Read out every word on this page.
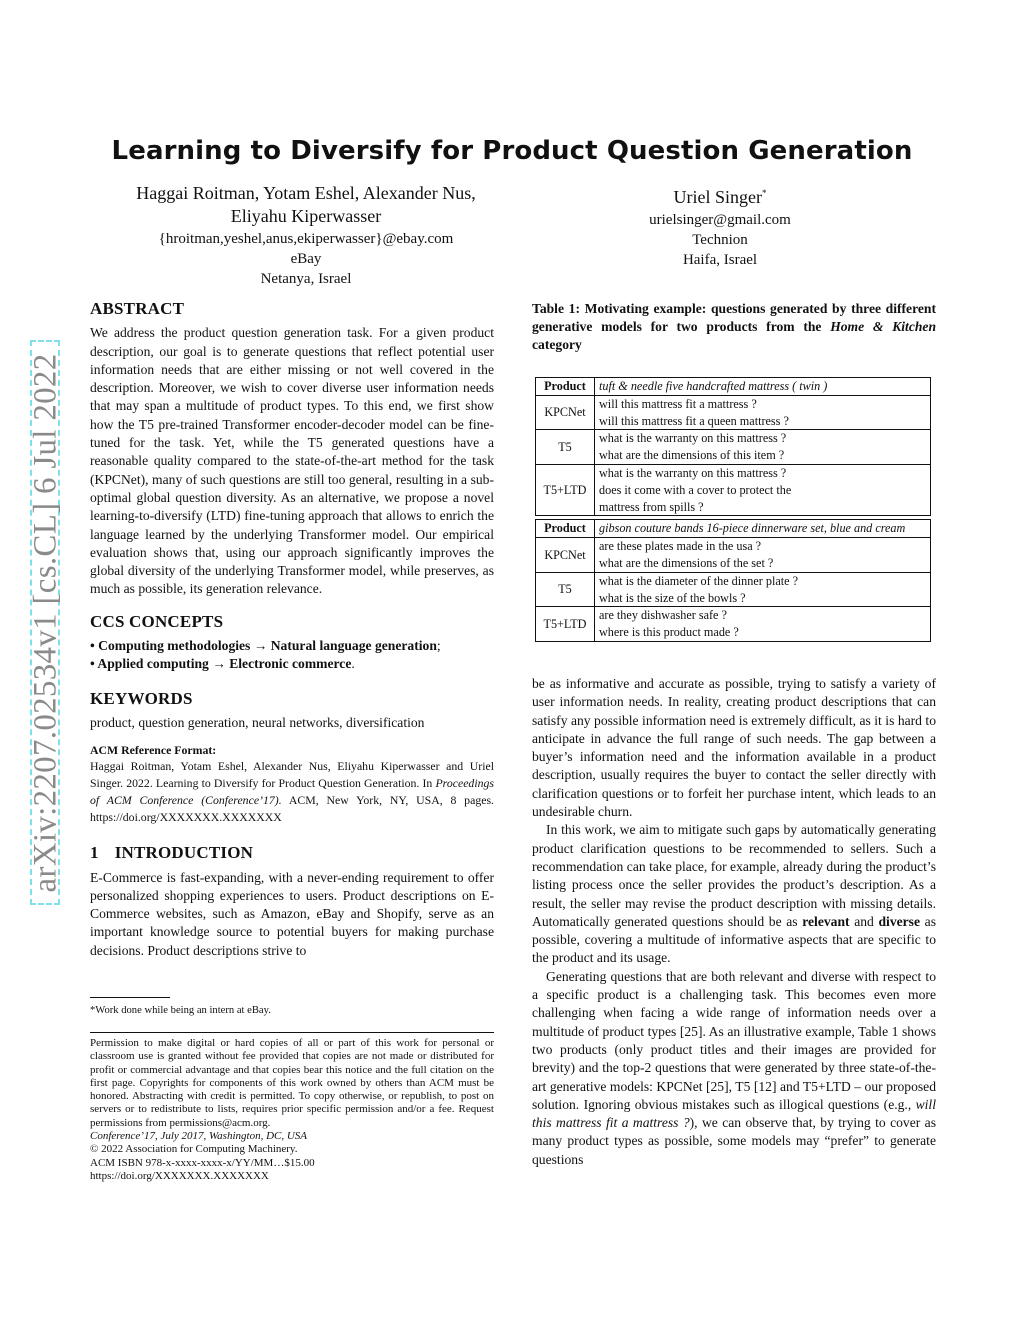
Learning to Diversify for Product Question Generation
Haggai Roitman, Yotam Eshel, Alexander Nus,
Eliyahu Kiperwasser
{hroitman,yeshel,anus,ekiperwasser}@ebay.com
eBay
Netanya, Israel
Uriel Singer*
urielsinger@gmail.com
Technion
Haifa, Israel
arXiv:2207.02534v1 [cs.CL] 6 Jul 2022
ABSTRACT
We address the product question generation task. For a given product description, our goal is to generate questions that reflect potential user information needs that are either missing or not well covered in the description. Moreover, we wish to cover diverse user information needs that may span a multitude of product types. To this end, we first show how the T5 pre-trained Transformer encoder-decoder model can be fine-tuned for the task. Yet, while the T5 generated questions have a reasonable quality compared to the state-of-the-art method for the task (KPCNet), many of such questions are still too general, resulting in a sub-optimal global question diversity. As an alternative, we propose a novel learning-to-diversify (LTD) fine-tuning approach that allows to enrich the language learned by the underlying Transformer model. Our empirical evaluation shows that, using our approach significantly improves the global diversity of the underlying Transformer model, while preserves, as much as possible, its generation relevance.
CCS CONCEPTS
• Computing methodologies → Natural language generation;
• Applied computing → Electronic commerce.
KEYWORDS
product, question generation, neural networks, diversification
ACM Reference Format:
Haggai Roitman, Yotam Eshel, Alexander Nus, Eliyahu Kiperwasser and Uriel Singer. 2022. Learning to Diversify for Product Question Generation. In Proceedings of ACM Conference (Conference’17). ACM, New York, NY, USA, 8 pages. https://doi.org/XXXXXXX.XXXXXXX
1 INTRODUCTION
E-Commerce is fast-expanding, with a never-ending requirement to offer personalized shopping experiences to users. Product descriptions on E-Commerce websites, such as Amazon, eBay and Shopify, serve as an important knowledge source to potential buyers for making purchase decisions. Product descriptions strive to
*Work done while being an intern at eBay.
Permission to make digital or hard copies of all or part of this work for personal or classroom use is granted without fee provided that copies are not made or distributed for profit or commercial advantage and that copies bear this notice and the full citation on the first page. Copyrights for components of this work owned by others than ACM must be honored. Abstracting with credit is permitted. To copy otherwise, or republish, to post on servers or to redistribute to lists, requires prior specific permission and/or a fee. Request permissions from permissions@acm.org.
Conference’17, July 2017, Washington, DC, USA
© 2022 Association for Computing Machinery.
ACM ISBN 978-x-xxxx-xxxx-x/YY/MM…$15.00
https://doi.org/XXXXXXX.XXXXXXX
Table 1: Motivating example: questions generated by three different generative models for two products from the Home & Kitchen category
Product	tuft & needle five handcrafted mattress ( twin )
KPCNet	will this mattress fit a mattress ?
will this mattress fit a queen mattress ?

T5	what is the warranty on this mattress ?
what are the dimensions of this item ?

T5+LTD	what is the warranty on this mattress ?
does it come with a cover to protect the
mattress from spills ?

Product	gibson couture bands 16-piece dinnerware set, blue and cream
KPCNet	are these plates made in the usa ?
what are the dimensions of the set ?

T5	what is the diameter of the dinner plate ?
what is the size of the bowls ?

T5+LTD	are they dishwasher safe ?
where is this product made ?

be as informative and accurate as possible, trying to satisfy a variety of user information needs. In reality, creating product descriptions that can satisfy any possible information need is extremely difficult, as it is hard to anticipate in advance the full range of such needs. The gap between a buyer’s information need and the information available in a product description, usually requires the buyer to contact the seller directly with clarification questions or to forfeit her purchase intent, which leads to an undesirable churn.

In this work, we aim to mitigate such gaps by automatically generating product clarification questions to be recommended to sellers. Such a recommendation can take place, for example, already during the product’s listing process once the seller provides the product’s description. As a result, the seller may revise the product description with missing details. Automatically generated questions should be as relevant and diverse as possible, covering a multitude of informative aspects that are specific to the product and its usage.

Generating questions that are both relevant and diverse with respect to a specific product is a challenging task. This becomes even more challenging when facing a wide range of information needs over a multitude of product types [25]. As an illustrative example, Table 1 shows two products (only product titles and their images are provided for brevity) and the top-2 questions that were generated by three state-of-the-art generative models: KPCNet [25], T5 [12] and T5+LTD – our proposed solution. Ignoring obvious mistakes such as illogical questions (e.g., will this mattress fit a mattress ?), we can observe that, by trying to cover as many product types as possible, some models may “prefer” to generate questions
